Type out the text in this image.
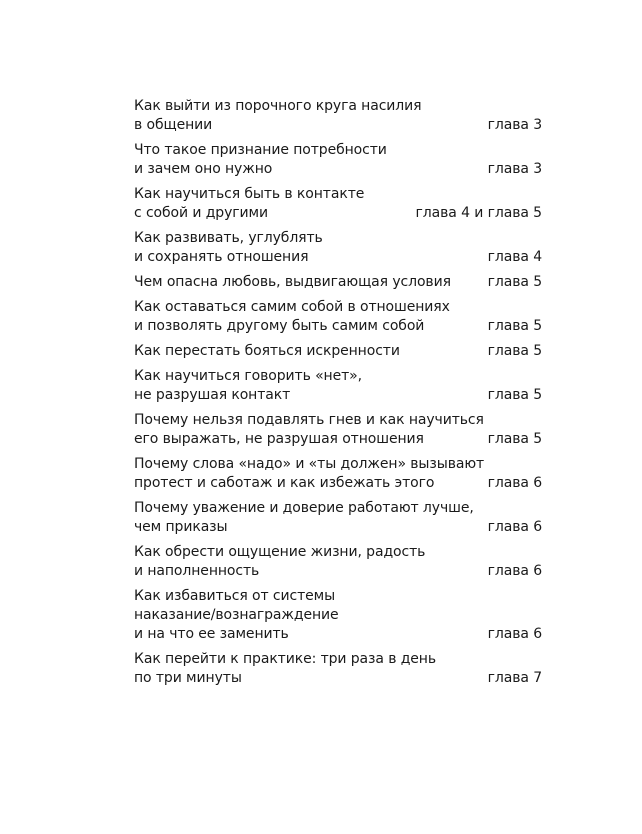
Как выйти из порочного круга насилия
в общении	глава 3
Что такое признание потребности
и зачем оно нужно	глава 3
Как научиться быть в контакте
с собой и другими	глава 4 и глава 5
Как развивать, углублять
и сохранять отношения	глава 4
Чем опасна любовь, выдвигающая условия	глава 5
Как оставаться самим собой в отношениях
и позволять другому быть самим собой	глава 5
Как перестать бояться искренности	глава 5
Как научиться говорить «нет»,
не разрушая контакт	глава 5
Почему нельзя подавлять гнев и как научиться
его выражать, не разрушая отношения	глава 5
Почему слова «надо» и «ты должен» вызывают
протест и саботаж и как избежать этого	глава 6
Почему уважение и доверие работают лучше,
чем приказы	глава 6
Как обрести ощущение жизни, радость
и наполненность	глава 6
Как избавиться от системы
наказание/вознаграждение
и на что ее заменить	глава 6
Как перейти к практике: три раза в день
по три минуты	глава 7
